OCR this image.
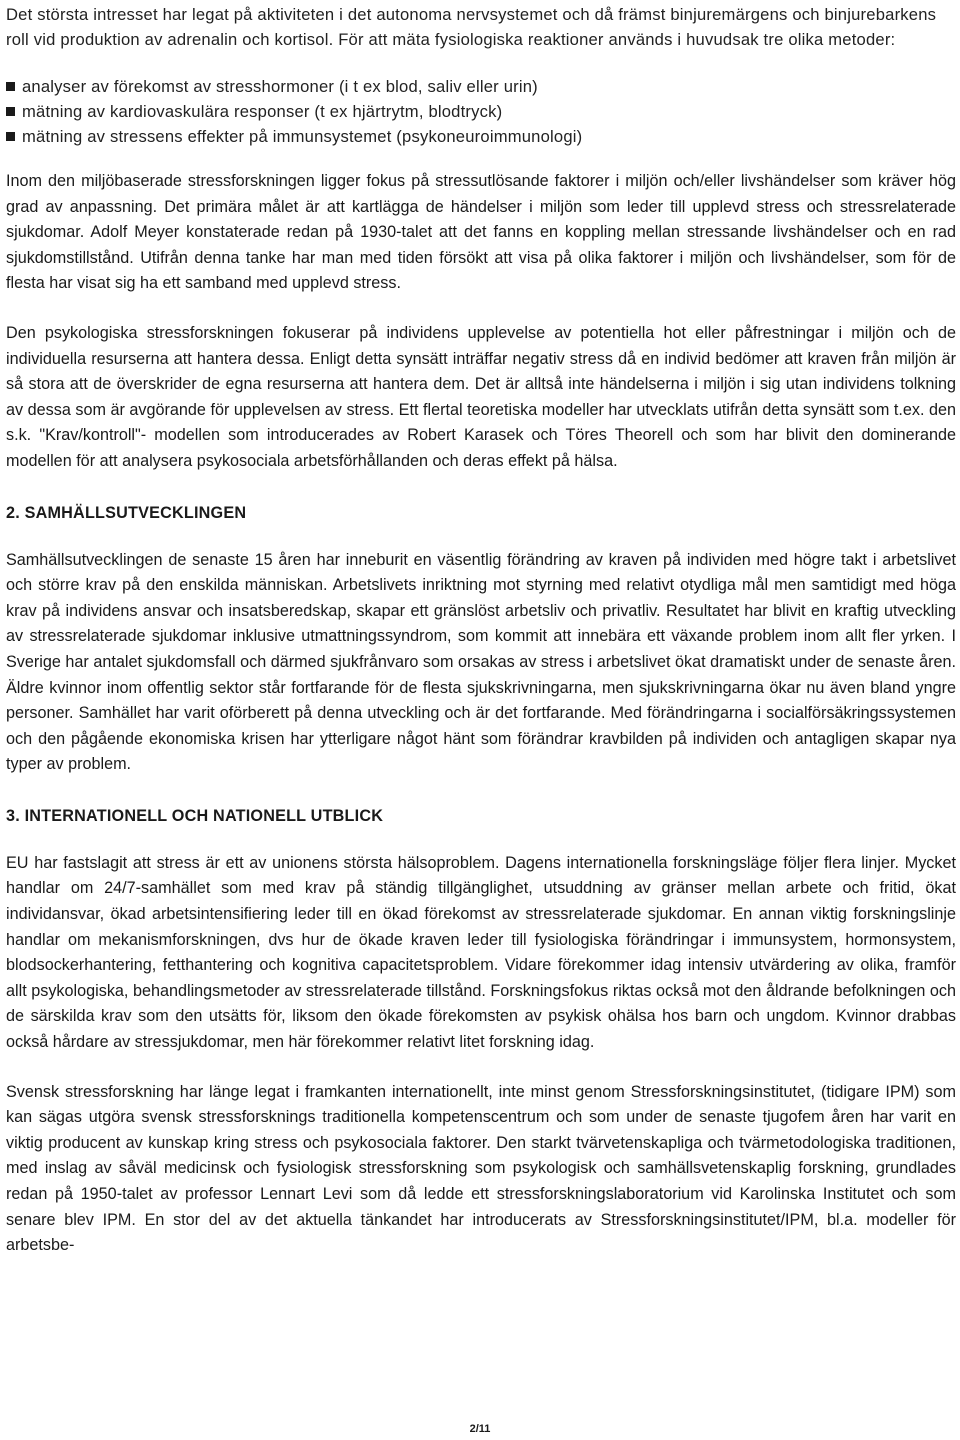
Det största intresset har legat på aktiviteten i det autonoma nervsystemet och då främst binjuremärgens och binjurebarkens roll vid produktion av adrenalin och kortisol. För att mäta fysiologiska reaktioner används i huvudsak tre olika metoder:

analyser av förekomst av stresshormoner (i t ex blod, saliv eller urin)
mätning av kardiovaskulära responser (t ex hjärtrytm, blodtryck)
mätning av stressens effekter på immunsystemet (psykoneuroimmunologi)

Inom den miljöbaserade stressforskningen ligger fokus på stressutlösande faktorer i miljön och/eller livshändelser som kräver hög grad av anpassning. Det primära målet är att kartlägga de händelser i miljön som leder till upplevd stress och stressrelaterade sjukdomar. Adolf Meyer konstaterade redan på 1930-talet att det fanns en koppling mellan stressande livshändelser och en rad sjukdomstillstånd. Utifrån denna tanke har man med tiden försökt att visa på olika faktorer i miljön och livshändelser, som för de flesta har visat sig ha ett samband med upplevd stress.

Den psykologiska stressforskningen fokuserar på individens upplevelse av potentiella hot eller påfrestningar i miljön och de individuella resurserna att hantera dessa. Enligt detta synsätt inträffar negativ stress då en individ bedömer att kraven från miljön är så stora att de överskrider de egna resurserna att hantera dem. Det är alltså inte händelserna i miljön i sig utan individens tolkning av dessa som är avgörande för upplevelsen av stress. Ett flertal teoretiska modeller har utvecklats utifrån detta synsätt som t.ex. den s.k. "Krav/kontroll"- modellen som introducerades av Robert Karasek och Töres Theorell och som har blivit den dominerande modellen för att analysera psykosociala arbetsförhållanden och deras effekt på hälsa.

2. SAMHÄLLSUTVECKLINGEN

Samhällsutvecklingen de senaste 15 åren har inneburit en väsentlig förändring av kraven på individen med högre takt i arbetslivet och större krav på den enskilda människan. Arbetslivets inriktning mot styrning med relativt otydliga mål men samtidigt med höga krav på individens ansvar och insatsberedskap, skapar ett gränslöst arbetsliv och privatliv. Resultatet har blivit en kraftig utveckling av stressrelaterade sjukdomar inklusive utmattningssyndrom, som kommit att innebära ett växande problem inom allt fler yrken. I Sverige har antalet sjukdomsfall och därmed sjukfrånvaro som orsakas av stress i arbetslivet ökat dramatiskt under de senaste åren. Äldre kvinnor inom offentlig sektor står fortfarande för de flesta sjukskrivningarna, men sjukskrivningarna ökar nu även bland yngre personer. Samhället har varit oförberett på denna utveckling och är det fortfarande. Med förändringarna i socialförsäkringssystemen och den pågående ekonomiska krisen har ytterligare något hänt som förändrar kravbilden på individen och antagligen skapar nya typer av problem.

3. INTERNATIONELL OCH NATIONELL UTBLICK

EU har fastslagit att stress är ett av unionens största hälsoproblem. Dagens internationella forskningsläge följer flera linjer. Mycket handlar om 24/7-samhället som med krav på ständig tillgänglighet, utsuddning av gränser mellan arbete och fritid, ökat individansvar, ökad arbetsintensifiering leder till en ökad förekomst av stressrelaterade sjukdomar. En annan viktig forskningslinje handlar om mekanismforskningen, dvs hur de ökade kraven leder till fysiologiska förändringar i immunsystem, hormonsystem, blodsockerhantering, fetthantering och kognitiva capacitetsproblem. Vidare förekommer idag intensiv utvärdering av olika, framför allt psykologiska, behandlingsmetoder av stressrelaterade tillstånd. Forskningsfokus riktas också mot den åldrande befolkningen och de särskilda krav som den utsätts för, liksom den ökade förekomsten av psykisk ohälsa hos barn och ungdom. Kvinnor drabbas också hårdare av stressjukdomar, men här förekommer relativt litet forskning idag.

Svensk stressforskning har länge legat i framkanten internationellt, inte minst genom Stressforskningsinstitutet, (tidigare IPM) som kan sägas utgöra svensk stressforsknings traditionella kompetenscentrum och som under de senaste tjugofem åren har varit en viktig producent av kunskap kring stress och psykosociala faktorer. Den starkt tvärvetenskapliga och tvärmetodologiska traditionen, med inslag av såväl medicinsk och fysiologisk stressforskning som psykologisk och samhällsvetenskaplig forskning, grundlades redan på 1950-talet av professor Lennart Levi som då ledde ett stressforskningslaboratorium vid Karolinska Institutet och som senare blev IPM. En stor del av det aktuella tänkandet har introducerats av Stressforskningsinstitutet/IPM, bl.a. modeller för arbetsbe-

2/11
